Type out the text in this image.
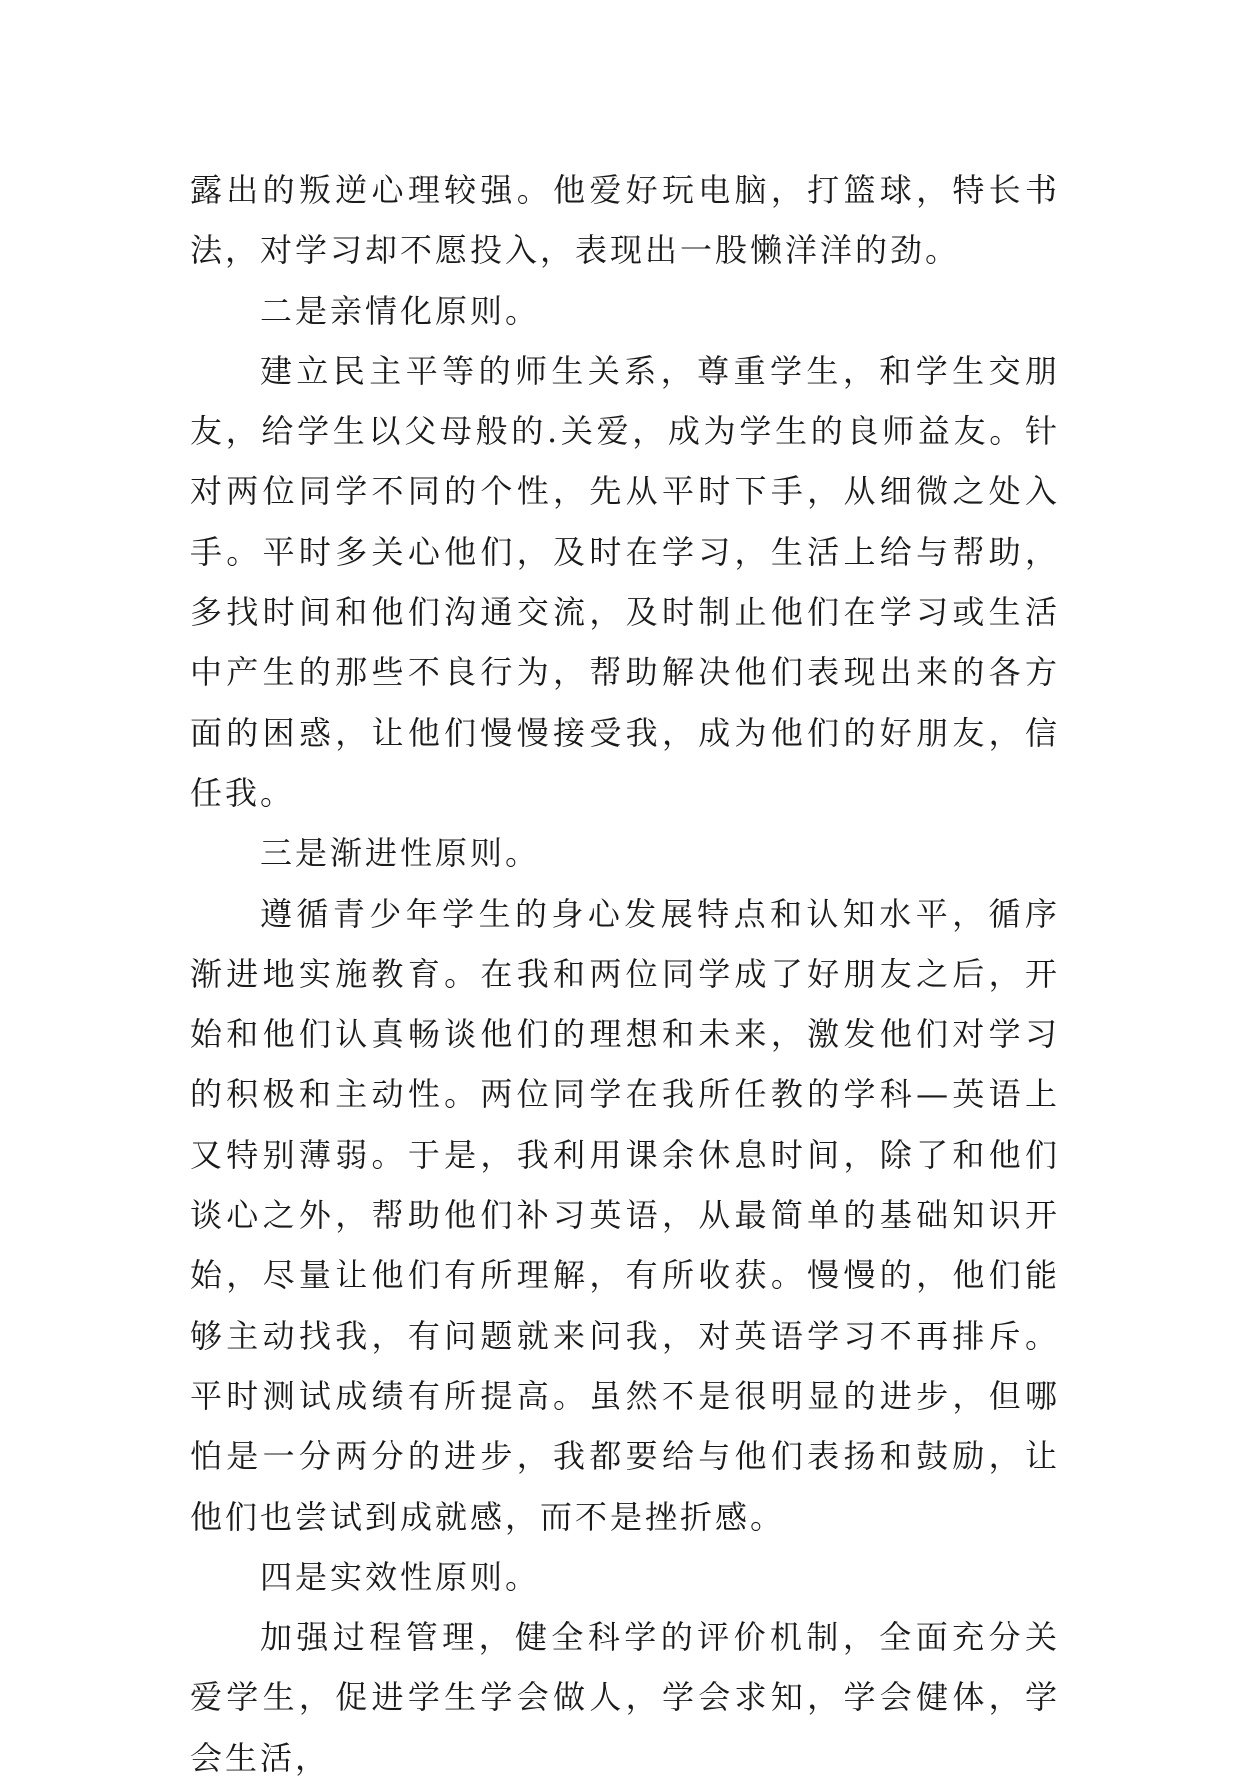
露出的叛逆心理较强。他爱好玩电脑，打篮球，特长书法，对学习却不愿投入，表现出一股懒洋洋的劲。

二是亲情化原则。

建立民主平等的师生关系，尊重学生，和学生交朋友，给学生以父母般的.关爱，成为学生的良师益友。针对两位同学不同的个性，先从平时下手，从细微之处入手。平时多关心他们，及时在学习，生活上给与帮助，多找时间和他们沟通交流，及时制止他们在学习或生活中产生的那些不良行为，帮助解决他们表现出来的各方面的困惑，让他们慢慢接受我，成为他们的好朋友，信任我。

三是渐进性原则。

遵循青少年学生的身心发展特点和认知水平，循序渐进地实施教育。在我和两位同学成了好朋友之后，开始和他们认真畅谈他们的理想和未来，激发他们对学习的积极和主动性。两位同学在我所任教的学科—英语上又特别薄弱。于是，我利用课余休息时间，除了和他们谈心之外，帮助他们补习英语，从最简单的基础知识开始，尽量让他们有所理解，有所收获。慢慢的，他们能够主动找我，有问题就来问我，对英语学习不再排斥。平时测试成绩有所提高。虽然不是很明显的进步，但哪怕是一分两分的进步，我都要给与他们表扬和鼓励，让他们也尝试到成就感，而不是挫折感。

四是实效性原则。

加强过程管理，健全科学的评价机制，全面充分关爱学生，促进学生学会做人，学会求知，学会健体，学会生活，
